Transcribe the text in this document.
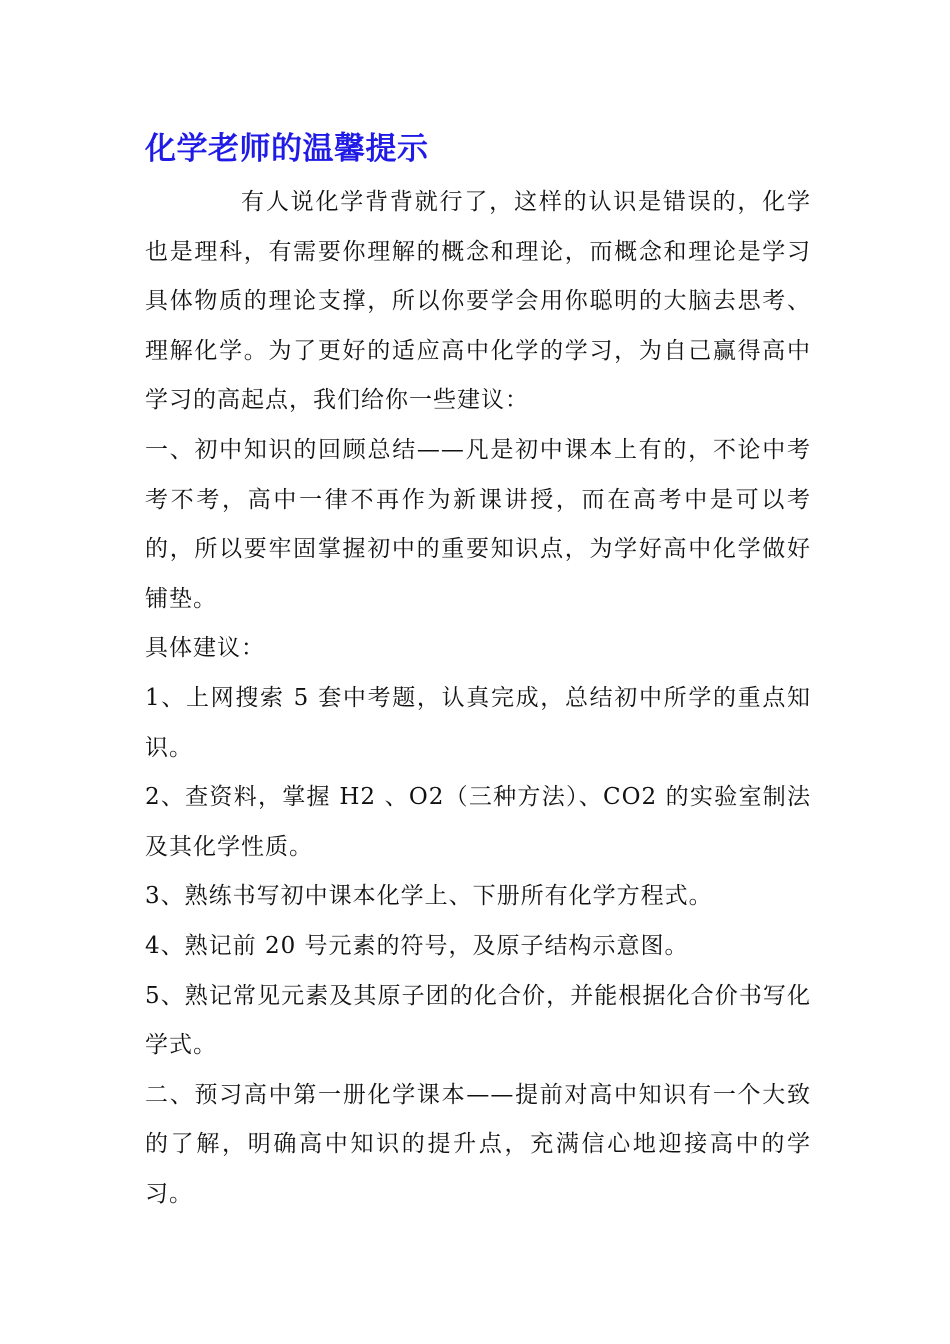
化学老师的温馨提示

有人说化学背背就行了，这样的认识是错误的，化学也是理科，有需要你理解的概念和理论，而概念和理论是学习具体物质的理论支撑，所以你要学会用你聪明的大脑去思考、理解化学。为了更好的适应高中化学的学习，为自己赢得高中学习的高起点，我们给你一些建议：

一、初中知识的回顾总结——凡是初中课本上有的，不论中考考不考，高中一律不再作为新课讲授，而在高考中是可以考的，所以要牢固掌握初中的重要知识点，为学好高中化学做好铺垫。

具体建议：

1、上网搜索 5 套中考题，认真完成，总结初中所学的重点知识。

2、查资料，掌握 H2 、O2（三种方法）、CO2 的实验室制法及其化学性质。

3、熟练书写初中课本化学上、下册所有化学方程式。

4、熟记前 20 号元素的符号，及原子结构示意图。

5、熟记常见元素及其原子团的化合价，并能根据化合价书写化学式。

二、预习高中第一册化学课本——提前对高中知识有一个大致的了解，明确高中知识的提升点，充满信心地迎接高中的学习。
